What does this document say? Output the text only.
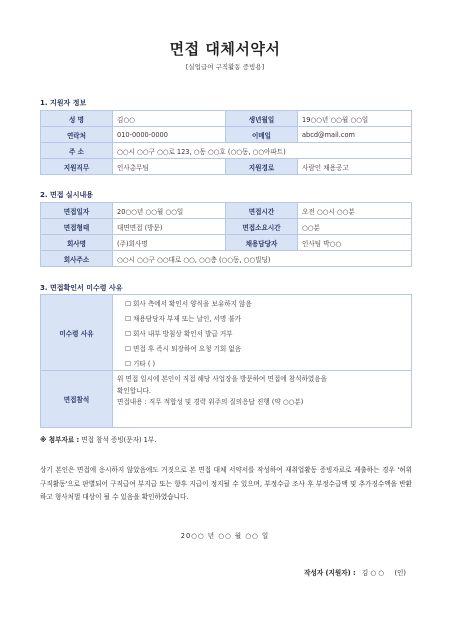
면접 대체서약서
[실업급여 구직활동 증빙용]
1. 지원자 정보
성 명	김○○	생년월일	19○○년 ○○월 ○○일
연락처	010-0000-0000	이메일	abcd@mail.com
주 소	○○시 ○○구 ○○로 123, ○동 ○○호 (○○동, ○○아파트)		
지원직무	인사총무팀	지원경로	사람인 채용공고
2. 면접 실시내용
면접일자	20○○년 ○○월 ○○일	면접시간	오전 ○○시 ○○분
면접형태	대면면접 (방문)	면접소요시간	○○분
회사명	(주)회사명	채용담당자	인사팀 박○○
회사주소	○○시 ○○구 ○○대로 ○○, ○○층 (○○동, ○○빌딩)		
3. 면접확인서 미수령 사유
미수령 사유	☐ 회사 측에서 확인서 양식을 보유하지 않음
	☐ 채용담당자 부재 또는 날인, 서명 불가
	☐ 회사 내부 방침상 확인서 발급 거부
	☐ 면접 후 즉시 퇴장하여 요청 기회 없음
	☐ 기타 ( )
면접참석	위 면접 일시에 본인이 직접 해당 사업장을 방문하여 면접에 참석하였음을
확인합니다.
면접내용 : 직무 적합성 및 경력 위주의 질의응답 진행 (약 ○○분)
※ 첨부자료 : 면접 참석 증빙(문자) 1부.
상기 본인은 면접에 응시하지 않았음에도 거짓으로 본 면접 대체 서약서를 작성하여 재취업활동 증빙자료로 제출하는 경우 '허위 구직활동'으로 판별되어 구직급여 부지급 또는 향후 지급이 정지될 수 있으며, 부정수급 조사 후 부정수급액 및 추가징수액을 반환하고 형사처벌 대상이 될 수 있음을 확인하였습니다.
20○○ 년 ○○ 월 ○○ 일
작성자 (지원자) : 김 ○ ○ (인)
